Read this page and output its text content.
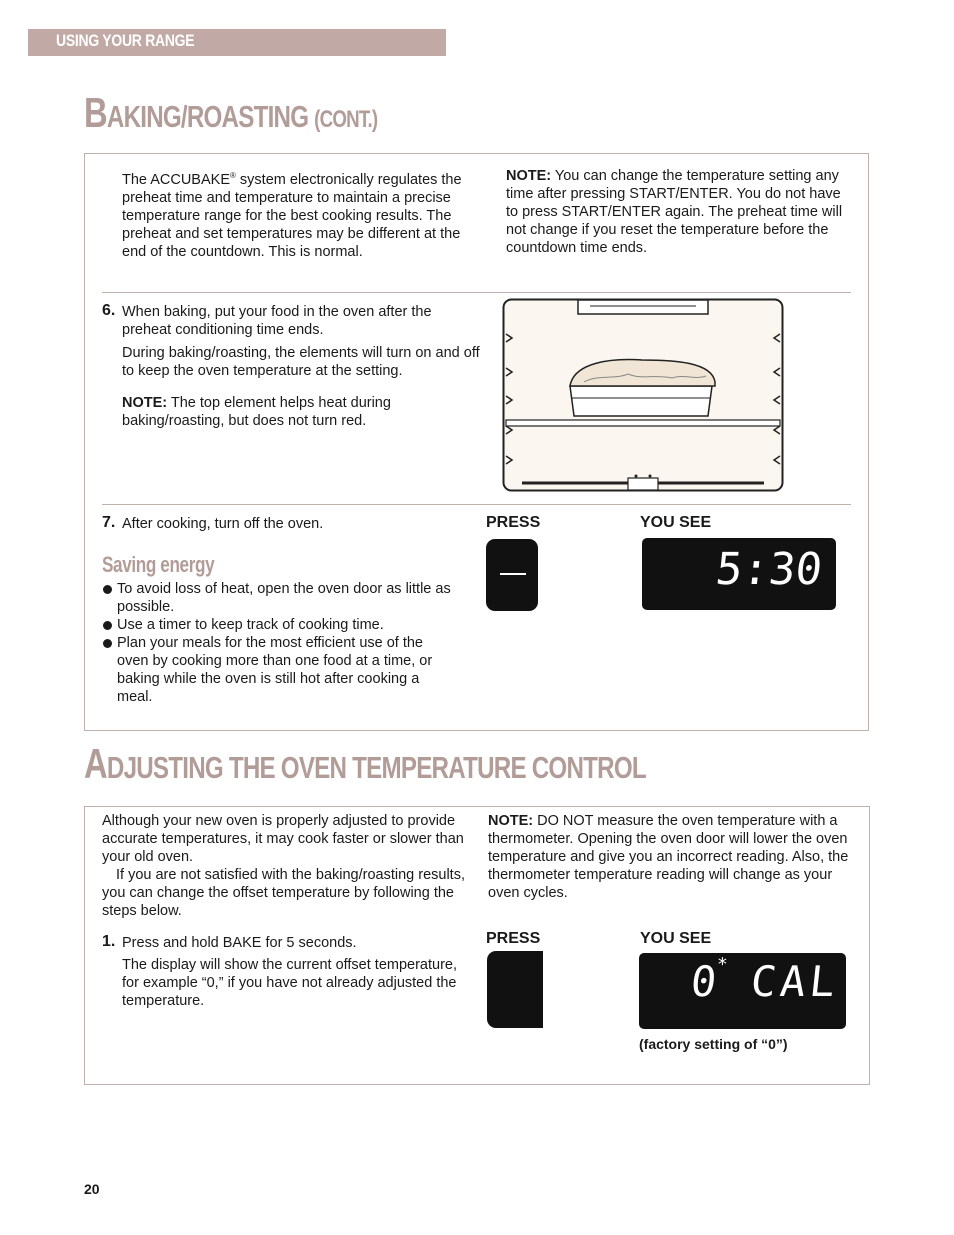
USING YOUR RANGE
BAKING/ROASTING (CONT.)
The ACCUBAKE® system electronically regulates the preheat time and temperature to maintain a precise temperature range for the best cooking results. The preheat and set temperatures may be different at the end of the countdown. This is normal.
NOTE: You can change the temperature setting any time after pressing START/ENTER. You do not have to press START/ENTER again. The preheat time will not change if you reset the temperature before the countdown time ends.
6. When baking, put your food in the oven after the preheat conditioning time ends.
During baking/roasting, the elements will turn on and off to keep the oven temperature at the setting.
NOTE: The top element helps heat during baking/roasting, but does not turn red.
7. After cooking, turn off the oven.	PRESS	YOU SEE
5:30
Saving energy
To avoid loss of heat, open the oven door as little as possible.
Use a timer to keep track of cooking time.
Plan your meals for the most efficient use of the oven by cooking more than one food at a time, or baking while the oven is still hot after cooking a meal.
ADJUSTING THE OVEN TEMPERATURE CONTROL
Although your new oven is properly adjusted to provide accurate temperatures, it may cook faster or slower than your old oven.
If you are not satisfied with the baking/roasting results, you can change the offset temperature by following the steps below.
NOTE: DO NOT measure the oven temperature with a thermometer. Opening the oven door will lower the oven temperature and give you an incorrect reading. Also, the thermometer temperature reading will change as your oven cycles.
1. Press and hold BAKE for 5 seconds.
The display will show the current offset temperature, for example “0,” if you have not already adjusted the temperature.
PRESS	YOU SEE
0
* CAL
(factory setting of “0”)
20
